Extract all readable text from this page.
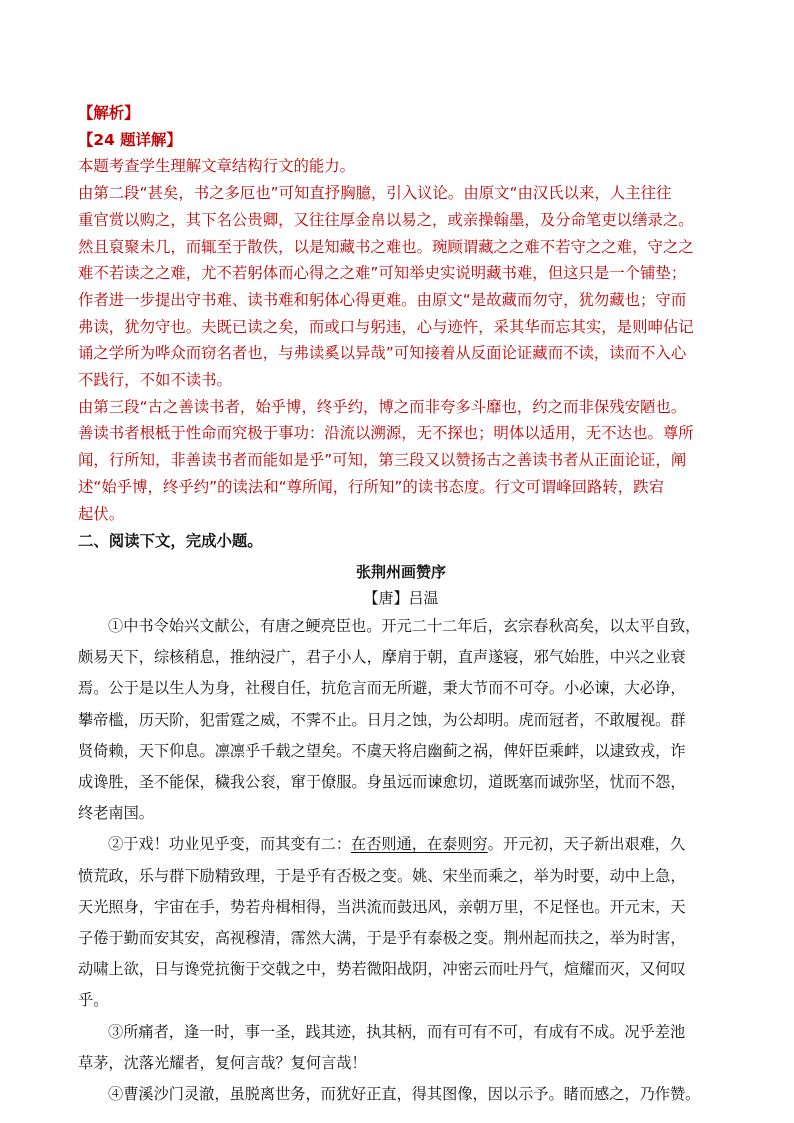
【解析】
【24 题详解】
本题考查学生理解文章结构行文的能力。
由第二段“甚矣，书之多厄也”可知直抒胸臆，引入议论。由原文“由汉氏以来，人主往往
重官赏以购之，其下名公贵卿，又往往厚金帛以易之，或亲操翰墨，及分命笔吏以缮录之。
然且裒聚未几，而辄至于散佚，以是知藏书之难也。琬顾谓藏之之难不若守之之难，守之之
难不若读之之难，尤不若躬体而心得之之难”可知举史实说明藏书难，但这只是一个铺垫；
作者进一步提出守书难、读书难和躬体心得更难。由原文“是故藏而勿守，犹勿藏也；守而
弗读，犹勿守也。夫既已读之矣，而或口与躬违，心与迹忤，采其华而忘其实，是则呻佔记
诵之学所为哗众而窃名者也，与弗读奚以异哉”可知接着从反面论证藏而不读，读而不入心
不践行，不如不读书。
由第三段“古之善读书者，始乎博，终乎约，博之而非夸多斗靡也，约之而非保残安陋也。
善读书者根柢于性命而究极于事功：沿流以溯源，无不探也；明体以适用，无不达也。尊所
闻，行所知，非善读书者而能如是乎”可知，第三段又以赞扬古之善读书者从正面论证，阐
述“始乎博，终乎约”的读法和“尊所闻，行所知”的读书态度。行文可谓峰回路转，跌宕
起伏。
二、阅读下文，完成小题。
张荆州画赞序
【唐】吕温
①中书令始兴文献公，有唐之鲠亮臣也。开元二十二年后，玄宗春秋高矣，以太平自致，
颇易天下，综核稍息，推纳浸广，君子小人，摩肩于朝，直声遂寝，邪气始胜，中兴之业衰
焉。公于是以生人为身，社稷自任，抗危言而无所避，秉大节而不可夺。小必谏，大必诤，
攀帝槛，历天阶，犯雷霆之威，不霁不止。日月之蚀，为公却明。虎而冠者，不敢履视。群
贤倚赖，天下仰息。凛凛乎千载之望矣。不虞天将启幽蓟之祸，俾奸臣乘衅，以逮致戎，诈
成谗胜，圣不能保，穢我公衮，窜于僚服。身虽远而谏愈切，道既塞而诚弥坚，忧而不怨，
终老南国。
②于戏！功业见乎变，而其变有二：在否则通，在泰则穷。开元初，天子新出艰难，久
愤荒政，乐与群下励精致理，于是乎有否极之变。姚、宋坐而乘之，举为时要，动中上急，
天光照身，宇宙在手，势若舟楫相得，当洪流而鼓迅风，亲朝万里，不足怪也。开元末，天
子倦于勤而安其安，高视穆清，霈然大满，于是乎有泰极之变。荆州起而扶之，举为时害，
动啸上欲，日与谗党抗衡于交戟之中，势若微阳战阴，冲密云而吐丹气，煊耀而灭，又何叹
乎。
③所痛者，逢一时，事一圣，践其迹，执其柄，而有可有不可，有成有不成。况乎差池
草茅，沈落光耀者，复何言哉？复何言哉！
④曹溪沙门灵澈，虽脱离世务，而犹好正直，得其图像，因以示予。睹而感之，乃作赞。
